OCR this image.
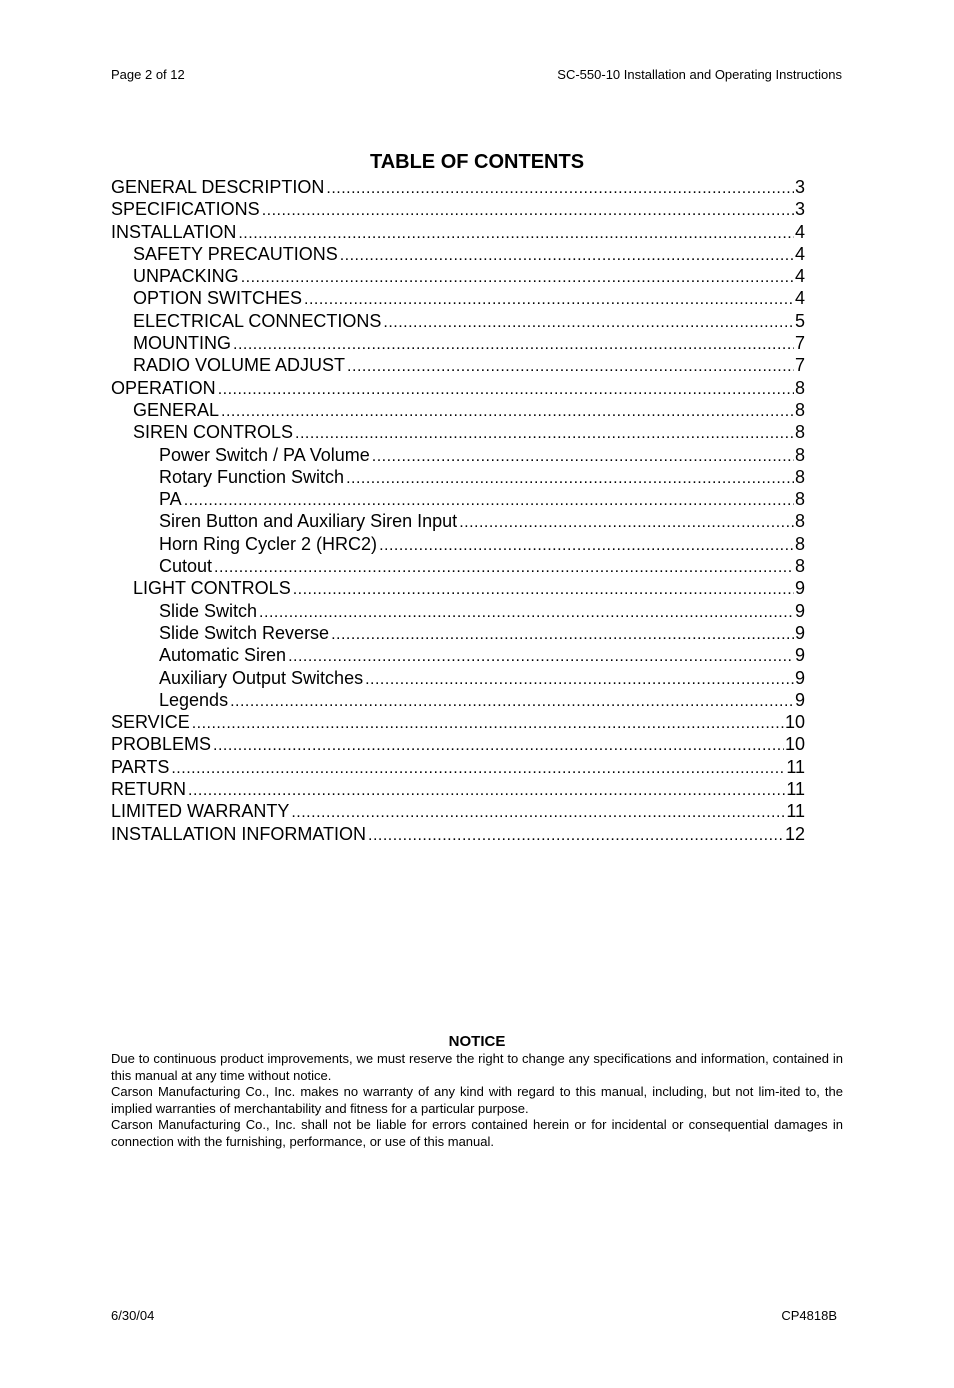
Page 2 of 12	SC-550-10 Installation and Operating Instructions
TABLE OF CONTENTS
GENERAL DESCRIPTION .....	3
SPECIFICATIONS .....	3
INSTALLATION .....	4
SAFETY PRECAUTIONS .....	4
UNPACKING .....	4
OPTION SWITCHES .....	4
ELECTRICAL CONNECTIONS .....	5
MOUNTING .....	7
RADIO VOLUME ADJUST .....	7
OPERATION .....	8
GENERAL .....	8
SIREN CONTROLS .....	8
Power Switch / PA Volume .....	8
Rotary Function Switch .....	8
PA .....	8
Siren Button and Auxiliary Siren Input .....	8
Horn Ring Cycler 2 (HRC2) .....	8
Cutout .....	8
LIGHT CONTROLS .....	9
Slide Switch .....	9
Slide Switch Reverse .....	9
Automatic Siren .....	9
Auxiliary Output Switches .....	9
Legends .....	9
SERVICE .....	10
PROBLEMS .....	10
PARTS .....	11
RETURN .....	11
LIMITED WARRANTY .....	11
INSTALLATION INFORMATION .....	12
NOTICE

Due to continuous product improvements, we must reserve the right to change any specifications and information, contained in this manual at any time without notice.

Carson Manufacturing Co., Inc. makes no warranty of any kind with regard to this manual, including, but not lim-ited to, the implied warranties of merchantability and fitness for a particular purpose.

Carson Manufacturing Co., Inc. shall not be liable for errors contained herein or for incidental or consequential damages in connection with the furnishing, performance, or use of this manual.

6/30/04	CP4818B
